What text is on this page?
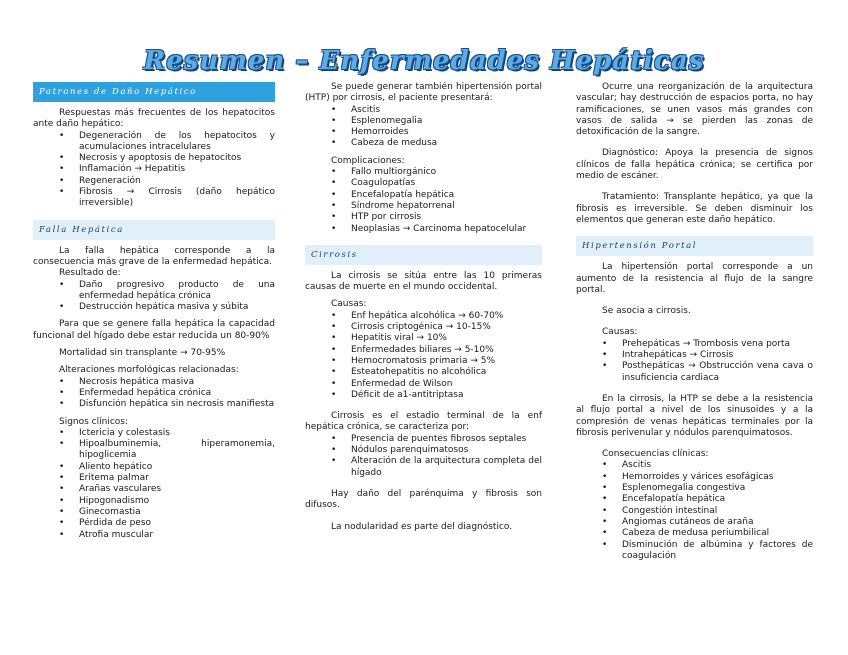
Resumen – Enfermedades Hepáticas
Patrones de Daño Hepático

Respuestas más frecuentes de los hepatocitos ante daño hepático:

• Degeneración de los hepatocitos y acumulaciones intracelulares
• Necrosis y apoptosis de hepatocitos
• Inflamación → Hepatitis
• Regeneración
• Fibrosis → Cirrosis (daño hepático irreversible)
Falla Hepática

La falla hepática corresponde a la consecuencia más grave de la enfermedad hepática.

Resultado de:

• Daño progresivo producto de una enfermedad hepática crónica
• Destrucción hepática masiva y súbita

Para que se genere falla hepática la capacidad funcional del hígado debe estar reducida un 80-90%

Mortalidad sin transplante → 70-95%

Alteraciones morfológicas relacionadas:

• Necrosis hepática masiva
• Enfermedad hepática crónica
• Disfunción hepática sin necrosis manifiesta

Signos clínicos:

• Ictericia y colestasis
• Hipoalbuminemia, hiperamonemia, hipoglicemia
• Aliento hepático
• Eritema palmar
• Arañas vasculares
• Hipogonadismo
• Ginecomastia
• Pérdida de peso
• Atrofia muscular

Se puede generar también hipertensión portal (HTP) por cirrosis, el paciente presentará:

• Ascitis
• Esplenomegalia
• Hemorroides
• Cabeza de medusa

Complicaciones:

• Fallo multiorgánico
• Coagulopatías
• Encefalopatía hepática
• Síndrome hepatorrenal
• HTP por cirrosis
• Neoplasias → Carcinoma hepatocelular
Cirrosis

La cirrosis se sitúa entre las 10 primeras causas de muerte en el mundo occidental.

Causas:

• Enf hepática alcohólica → 60-70%
• Cirrosis criptogénica → 10-15%
• Hepatitis viral → 10%
• Enfermedades biliares → 5-10%
• Hemocromatosis primaria → 5%
• Esteatohepatitis no alcohólica
• Enfermedad de Wilson
• Déficit de a1-antitriptasa

Cirrosis es el estadio terminal de la enf hepática crónica, se caracteriza por:

• Presencia de puentes fibrosos septales
• Nódulos parenquimatosos
• Alteración de la arquitectura completa del hígado

Hay daño del parénquima y fibrosis son difusos.

La nodularidad es parte del diagnóstico.

Ocurre una reorganización de la arquitectura vascular; hay destrucción de espacios porta, no hay ramificaciones, se unen vasos más grandes con vasos de salida → se pierden las zonas de detoxificación de la sangre.

Diagnóstico: Apoya la presencia de signos clínicos de falla hepática crónica; se certifica por medio de escáner.

Tratamiento: Transplante hepático, ya que la fibrosis es irreversible. Se deben disminuir los elementos que generan este daño hepático.

Hipertensión Portal

La hipertensión portal corresponde a un aumento de la resistencia al flujo de la sangre portal.

Se asocia a cirrosis.

Causas:

• Prehepáticas → Trombosis vena porta
• Intrahepáticas → Cirrosis
• Posthepáticas → Obstrucción vena cava o insuficiencia cardiaca

En la cirrosis, la HTP se debe a la resistencia al flujo portal a nivel de los sinusoides y a la compresión de venas hepáticas terminales por la fibrosis perivenular y nódulos parenquimatosos.

Consecuencias clínicas:

• Ascitis
• Hemorroides y várices esofágicas
• Esplenomegalia congestiva
• Encefalopatía hepática
• Congestión intestinal
• Angiomas cutáneos de araña
• Cabeza de medusa periumbilical
• Disminución de albúmina y factores de coagulación
